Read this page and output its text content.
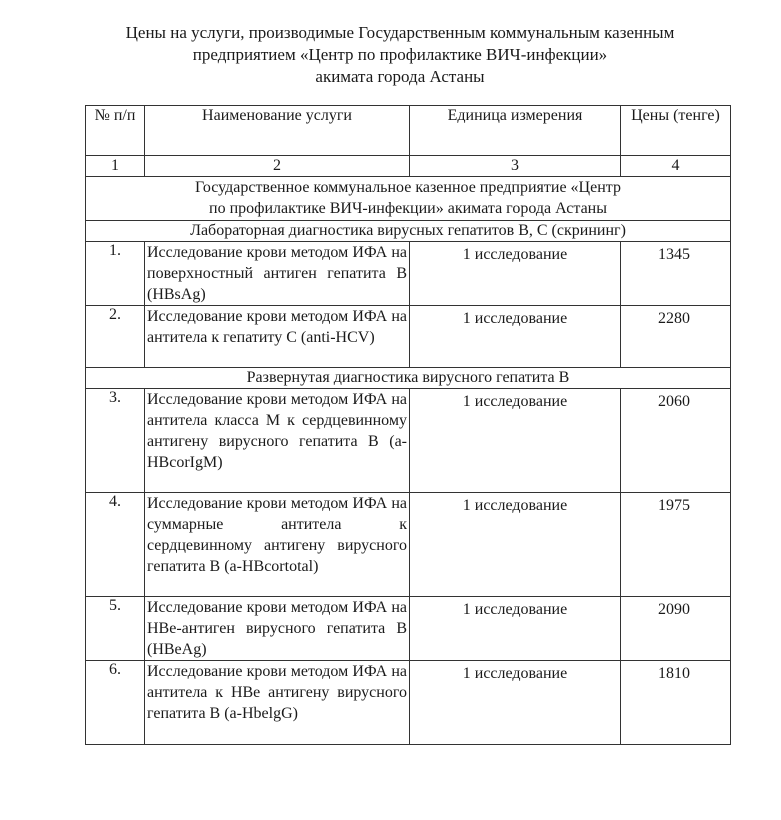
Цены на услуги, производимые Государственным коммунальным казенным
предприятием «Центр по профилактике ВИЧ-инфекции»
акимата города Астаны
№ п/п	Наименование услуги	Единица измерения	Цены (тенге)
1	2	3	4

Государственное коммунальное казенное предприятие «Центр
по профилактике ВИЧ-инфекции» акимата города Астаны			

Лабораторная диагностика вирусных гепатитов В, С (скрининг)			
1.	Исследование крови методом ИФА на поверхностный антиген гепатита В (HBsAg)	1 исследование	1345
2.	Исследование крови методом ИФА на антитела к гепатиту С (anti-HCV)	1 исследование	2280
Развернутая диагностика вирусного гепатита В			
3.	Исследование крови методом ИФА на антитела класса М к сердцевинному антигену вирусного гепатита В (a-HBcorIgM)	1 исследование	2060
4.	Исследование крови методом ИФА на суммарные антитела к сердцевинному антигену вирусного гепатита В (a-HBcortotal)	1 исследование	1975
5.	Исследование крови методом ИФА на HBe-антиген вирусного гепатита В (HBeAg)	1 исследование	2090
6.	Исследование крови методом ИФА на антитела к HBe антигену вирусного гепатита В (a-HbelgG)	1 исследование	1810
